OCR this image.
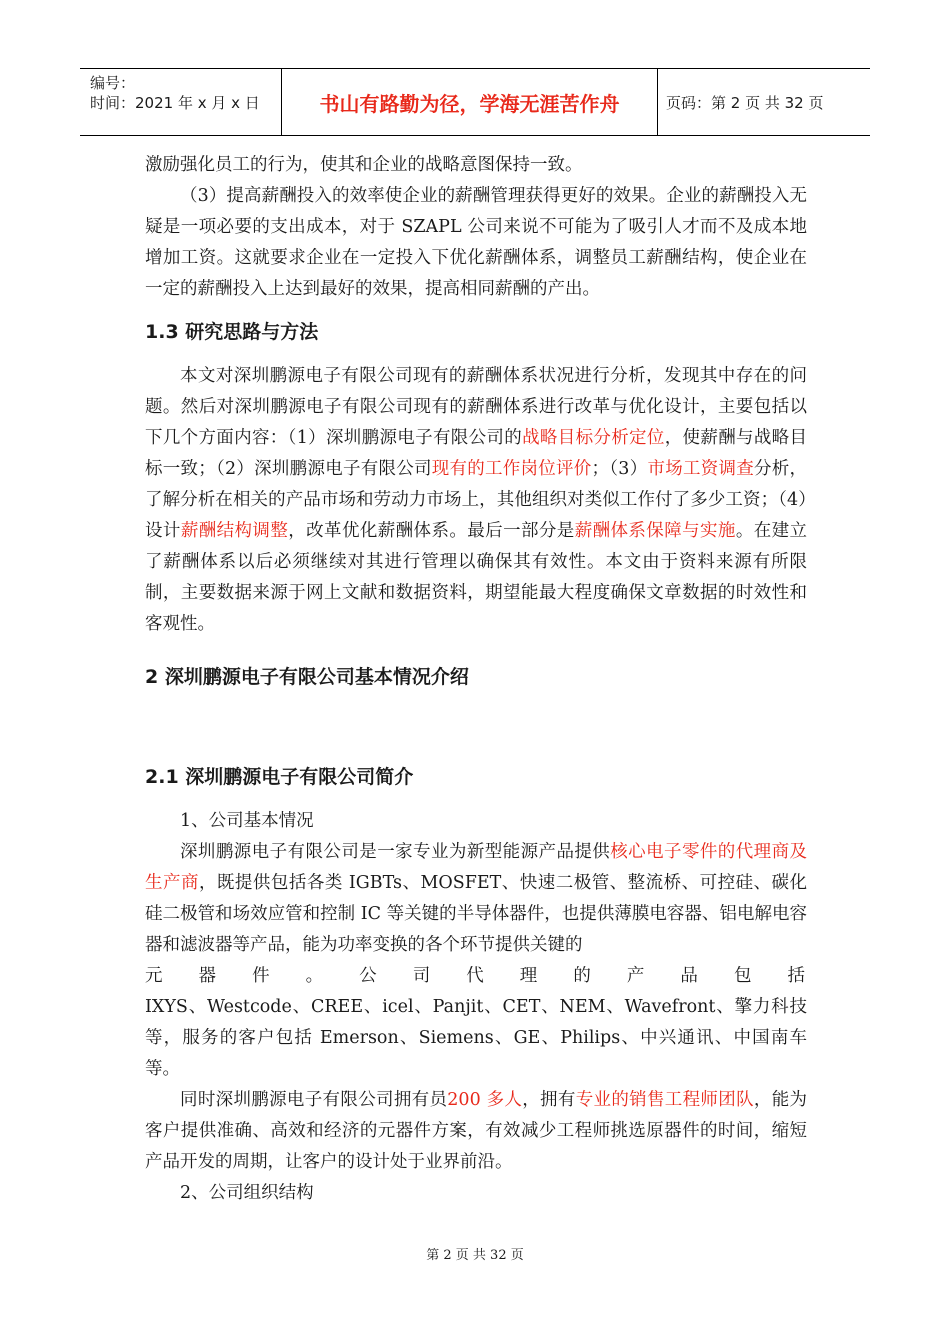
编号：
时间：2021 年 x 月 x 日	书山有路勤为径，学海无涯苦作舟	页码：第 2 页 共 32 页

激励强化员工的行为，使其和企业的战略意图保持一致。

（3）提高薪酬投入的效率使企业的薪酬管理获得更好的效果。企业的薪酬投入无疑是一项必要的支出成本，对于 SZAPL 公司来说不可能为了吸引人才而不及成本地增加工资。这就要求企业在一定投入下优化薪酬体系，调整员工薪酬结构，使企业在一定的薪酬投入上达到最好的效果，提高相同薪酬的产出。

1.3 研究思路与方法

本文对深圳鹏源电子有限公司现有的薪酬体系状况进行分析，发现其中存在的问题。然后对深圳鹏源电子有限公司现有的薪酬体系进行改革与优化设计，主要包括以下几个方面内容：（1）深圳鹏源电子有限公司的战略目标分析定位，使薪酬与战略目标一致；（2）深圳鹏源电子有限公司现有的工作岗位评价；（3）市场工资调查分析，了解分析在相关的产品市场和劳动力市场上，其他组织对类似工作付了多少工资；（4）设计薪酬结构调整，改革优化薪酬体系。最后一部分是薪酬体系保障与实施。在建立了薪酬体系以后必须继续对其进行管理以确保其有效性。本文由于资料来源有所限制，主要数据来源于网上文献和数据资料，期望能最大程度确保文章数据的时效性和客观性。

2 深圳鹏源电子有限公司基本情况介绍
2.1 深圳鹏源电子有限公司简介

1、公司基本情况

深圳鹏源电子有限公司是一家专业为新型能源产品提供核心电子零件的代理商及生产商，既提供包括各类 IGBTs、MOSFET、快速二极管、整流桥、可控硅、碳化硅二极管和场效应管和控制 IC 等关键的半导体器件，也提供薄膜电容器、铝电解电容器和滤波器等产品，能为功率变换的各个环节提供关键的

元器件。公司代理的产品包括

IXYS、Westcode、CREE、icel、Panjit、CET、NEM、Wavefront、擎力科技等，服务的客户包括 Emerson、Siemens、GE、Philips、中兴通讯、中国南车等。

同时深圳鹏源电子有限公司拥有员200 多人，拥有专业的销售工程师团队，能为客户提供准确、高效和经济的元器件方案，有效减少工程师挑选原器件的时间，缩短产品开发的周期，让客户的设计处于业界前沿。

2、公司组织结构

第 2 页 共 32 页
